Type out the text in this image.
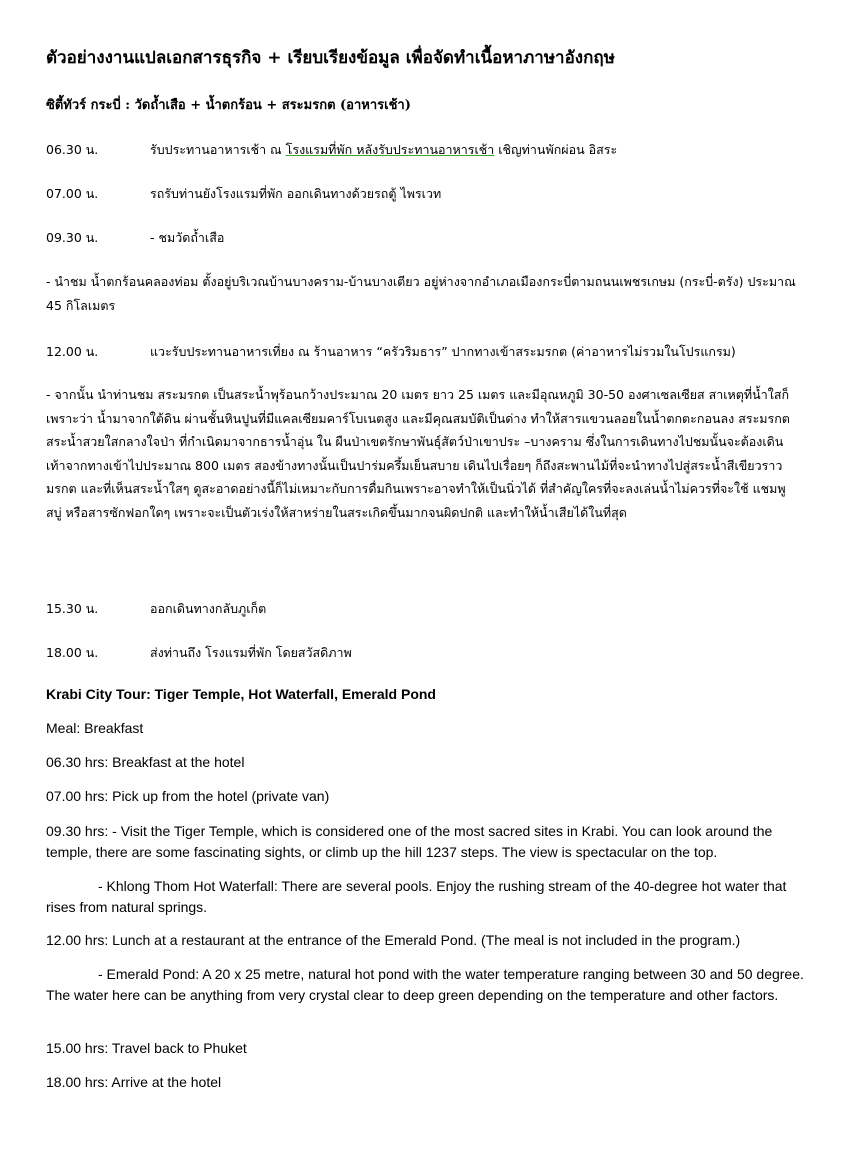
ตัวอย่างงานแปลเอกสารธุรกิจ + เรียบเรียงข้อมูล เพื่อจัดทำเนื้อหาภาษาอังกฤษ
ซิตี้ทัวร์ กระบี่ : วัดถ้ำเสือ + น้ำตกร้อน + สระมรกต (อาหารเช้า)
06.30 น.	รับประทานอาหารเช้า ณ โรงแรมที่พัก หลังรับประทานอาหารเช้า เชิญท่านพักผ่อน อิสระ
07.00 น.	รถรับท่านยังโรงแรมที่พัก ออกเดินทางด้วยรถตู้ ไพรเวท
09.30 น.	- ชมวัดถ้ำเสือ
- นำชม น้ำตกร้อนคลองท่อม ตั้งอยู่บริเวณบ้านบางคราม-บ้านบางเตียว อยู่ห่างจากอำเภอเมืองกระบี่ตามถนนเพชรเกษม (กระบี่-ตรัง) ประมาณ 45 กิโลเมตร
12.00 น.	แวะรับประทานอาหารเที่ยง ณ ร้านอาหาร “ครัวริมธาร” ปากทางเข้าสระมรกต (ค่าอาหารไม่รวมในโปรแกรม)
- จากนั้น นำท่านชม สระมรกต เป็นสระน้ำพุร้อนกว้างประมาณ 20 เมตร ยาว 25 เมตร และมีอุณหภูมิ 30-50 องศาเซลเซียส สาเหตุที่น้ำใสก็เพราะว่า น้ำมาจากใต้ดิน ผ่านชั้นหินปูนที่มีแคลเซียมคาร์โบเนตสูง และมีคุณสมบัติเป็นด่าง ทำให้สารแขวนลอยในน้ำตกตะกอนลง สระมรกต สระน้ำสวยใสกลางใจป่า ที่กำเนิดมาจากธารน้ำอุ่น ใน ผืนป่าเขตรักษาพันธุ์สัตว์ป่าเขาประ –บางคราม ซึ่งในการเดินทางไปชมนั้นจะต้องเดินเท้าจากทางเข้าไปประมาณ 800 เมตร สองข้างทางนั้นเป็นปาร่มครึ้มเย็นสบาย เดินไปเรื่อยๆ ก็ถึงสะพานไม้ที่จะนำทางไปสู่สระน้ำสีเขียวราวมรกต และที่เห็นสระน้ำใสๆ ดูสะอาดอย่างนี้ก็ไม่เหมาะกับการดื่มกินเพราะอาจทำให้เป็นนิ่วได้ ที่สำคัญใครที่จะลงเล่นน้ำไม่ควรที่จะใช้ แชมพู สบู่ หรือสารซักฟอกใดๆ เพราะจะเป็นตัวเร่งให้สาหร่ายในสระเกิดขึ้นมากจนผิดปกติ และทำให้น้ำเสียได้ในที่สุด
15.30 น.	ออกเดินทางกลับภูเก็ต
18.00 น.	ส่งท่านถึง โรงแรมที่พัก โดยสวัสดิภาพ
Krabi City Tour: Tiger Temple, Hot Waterfall, Emerald Pond
Meal: Breakfast
06.30 hrs: Breakfast at the hotel
07.00 hrs: Pick up from the hotel (private van)
09.30 hrs: - Visit the Tiger Temple, which is considered one of the most sacred sites in Krabi. You can look around the temple, there are some fascinating sights, or climb up the hill 1237 steps. The view is spectacular on the top.
- Khlong Thom Hot Waterfall: There are several pools. Enjoy the rushing stream of the 40-degree hot water that rises from natural springs.
12.00 hrs: Lunch at a restaurant at the entrance of the Emerald Pond. (The meal is not included in the program.)
- Emerald Pond: A 20 x 25 metre, natural hot pond with the water temperature ranging between 30 and 50 degree. The water here can be anything from very crystal clear to deep green depending on the temperature and other factors.
15.00 hrs: Travel back to Phuket
18.00 hrs: Arrive at the hotel
